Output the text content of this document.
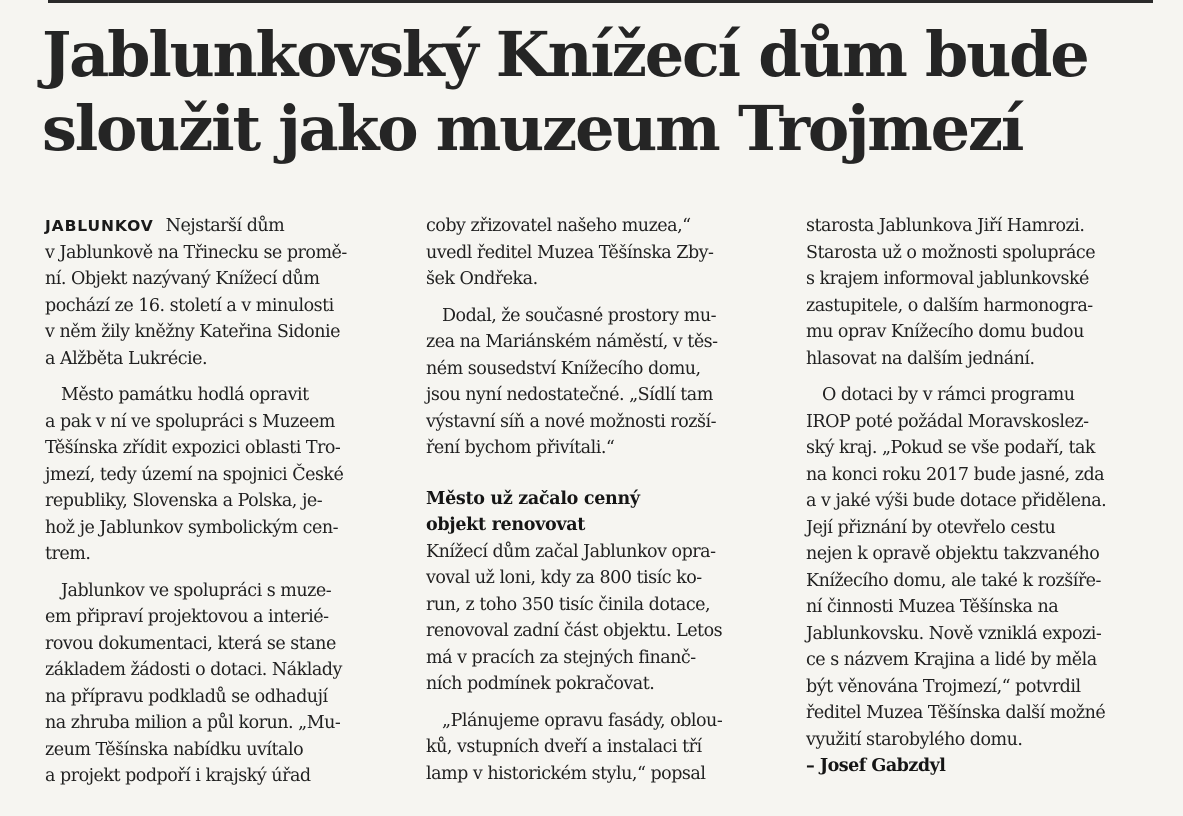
Jablunkovský Knížecí dům bude
sloužit jako muzeum Trojmezí
JABLUNKOV Nejstarší dům
v Jablunkově na Třinecku se promě-
ní. Objekt nazývaný Knížecí dům
pochází ze 16. století a v minulosti
v něm žily kněžny Kateřina Sidonie
a Alžběta Lukrécie.
Město památku hodlá opravit
a pak v ní ve spolupráci s Muzeem
Těšínska zřídit expozici oblasti Tro-
jmezí, tedy území na spojnici České
republiky, Slovenska a Polska, je-
hož je Jablunkov symbolickým cen-
trem.
Jablunkov ve spolupráci s muze-
em připraví projektovou a interié-
rovou dokumentaci, která se stane
základem žádosti o dotaci. Náklady
na přípravu podkladů se odhadují
na zhruba milion a půl korun. „Mu-
zeum Těšínska nabídku uvítalo
a projekt podpoří i krajský úřad
coby zřizovatel našeho muzea,“
uvedl ředitel Muzea Těšínska Zby-
šek Ondřeka.
Dodal, že současné prostory mu-
zea na Mariánském náměstí, v těs-
ném sousedství Knížecího domu,
jsou nyní nedostatečné. „Sídlí tam
výstavní síň a nové možnosti rozší-
ření bychom přivítali.“
Město už začalo cenný
objekt renovovat
Knížecí dům začal Jablunkov opra-
voval už loni, kdy za 800 tisíc ko-
run, z toho 350 tisíc činila dotace,
renovoval zadní část objektu. Letos
má v pracích za stejných finanč-
ních podmínek pokračovat.
„Plánujeme opravu fasády, oblou-
ků, vstupních dveří a instalaci tří
lamp v historickém stylu,“ popsal
starosta Jablunkova Jiří Hamrozi.
Starosta už o možnosti spolupráce
s krajem informoval jablunkovské
zastupitele, o dalším harmonogra-
mu oprav Knížecího domu budou
hlasovat na dalším jednání.
O dotaci by v rámci programu
IROP poté požádal Moravskoslez-
ský kraj. „Pokud se vše podaří, tak
na konci roku 2017 bude jasné, zda
a v jaké výši bude dotace přidělena.
Její přiznání by otevřelo cestu
nejen k opravě objektu takzvaného
Knížecího domu, ale také k rozšíře-
ní činnosti Muzea Těšínska na
Jablunkovsku. Nově vzniklá expozi-
ce s názvem Krajina a lidé by měla
být věnována Trojmezí,“ potvrdil
ředitel Muzea Těšínska další možné
využití starobylého domu.
– Josef Gabzdyl
